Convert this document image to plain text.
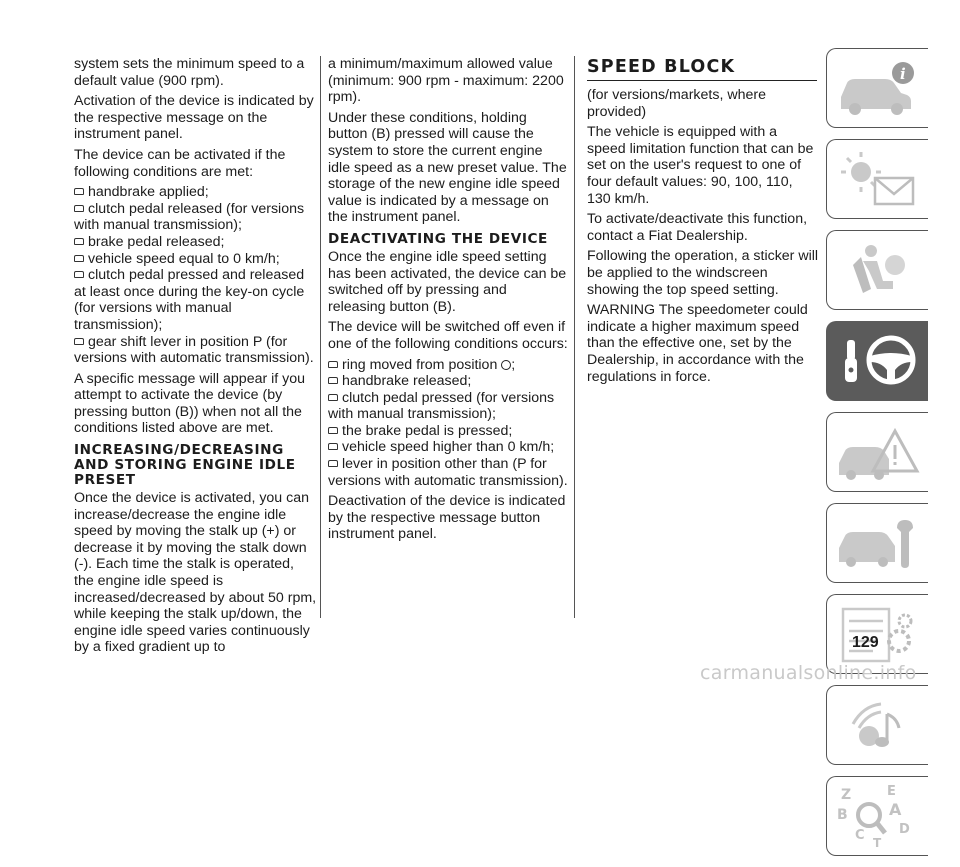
system sets the minimum speed to a default value (900 rpm).

Activation of the device is indicated by the respective message on the instrument panel.

The device can be activated if the following conditions are met:

handbrake applied;
clutch pedal released (for versions with manual transmission);
brake pedal released;
vehicle speed equal to 0 km/h;
clutch pedal pressed and released at least once during the key-on cycle (for versions with manual transmission);
gear shift lever in position P (for versions with automatic transmission).

A specific message will appear if you attempt to activate the device (by pressing button (B)) when not all the conditions listed above are met.

INCREASING/DECREASING AND STORING ENGINE IDLE PRESET

Once the device is activated, you can increase/decrease the engine idle speed by moving the stalk up (+) or decrease it by moving the stalk down (-). Each time the stalk is operated, the engine idle speed is increased/decreased by about 50 rpm, while keeping the stalk up/down, the engine idle speed varies continuously by a fixed gradient up to

a minimum/maximum allowed value (minimum: 900 rpm - maximum: 2200 rpm).

Under these conditions, holding button (B) pressed will cause the system to store the current engine idle speed as a new preset value. The storage of the new engine idle speed value is indicated by a message on the instrument panel.

DEACTIVATING THE DEVICE

Once the engine idle speed setting has been activated, the device can be switched off by pressing and releasing button (B).

The device will be switched off even if one of the following conditions occurs:

ring moved from position ;
handbrake released;
clutch pedal pressed (for versions with manual transmission);
the brake pedal is pressed;
vehicle speed higher than 0 km/h;
lever in position other than (P for versions with automatic transmission).

Deactivation of the device is indicated by the respective message button instrument panel.

SPEED BLOCK

(for versions/markets, where provided)

The vehicle is equipped with a speed limitation function that can be set on the user's request to one of four default values: 90, 100, 110, 130 km/h.

To activate/deactivate this function, contact a Fiat Dealership.

Following the operation, a sticker will be applied to the windscreen showing the top speed setting.

WARNING The speedometer could indicate a higher maximum speed than the effective one, set by the Dealership, in accordance with the regulations in force.

i
Z	E
A
B
C	D
T
129
carmanualsonline.info
